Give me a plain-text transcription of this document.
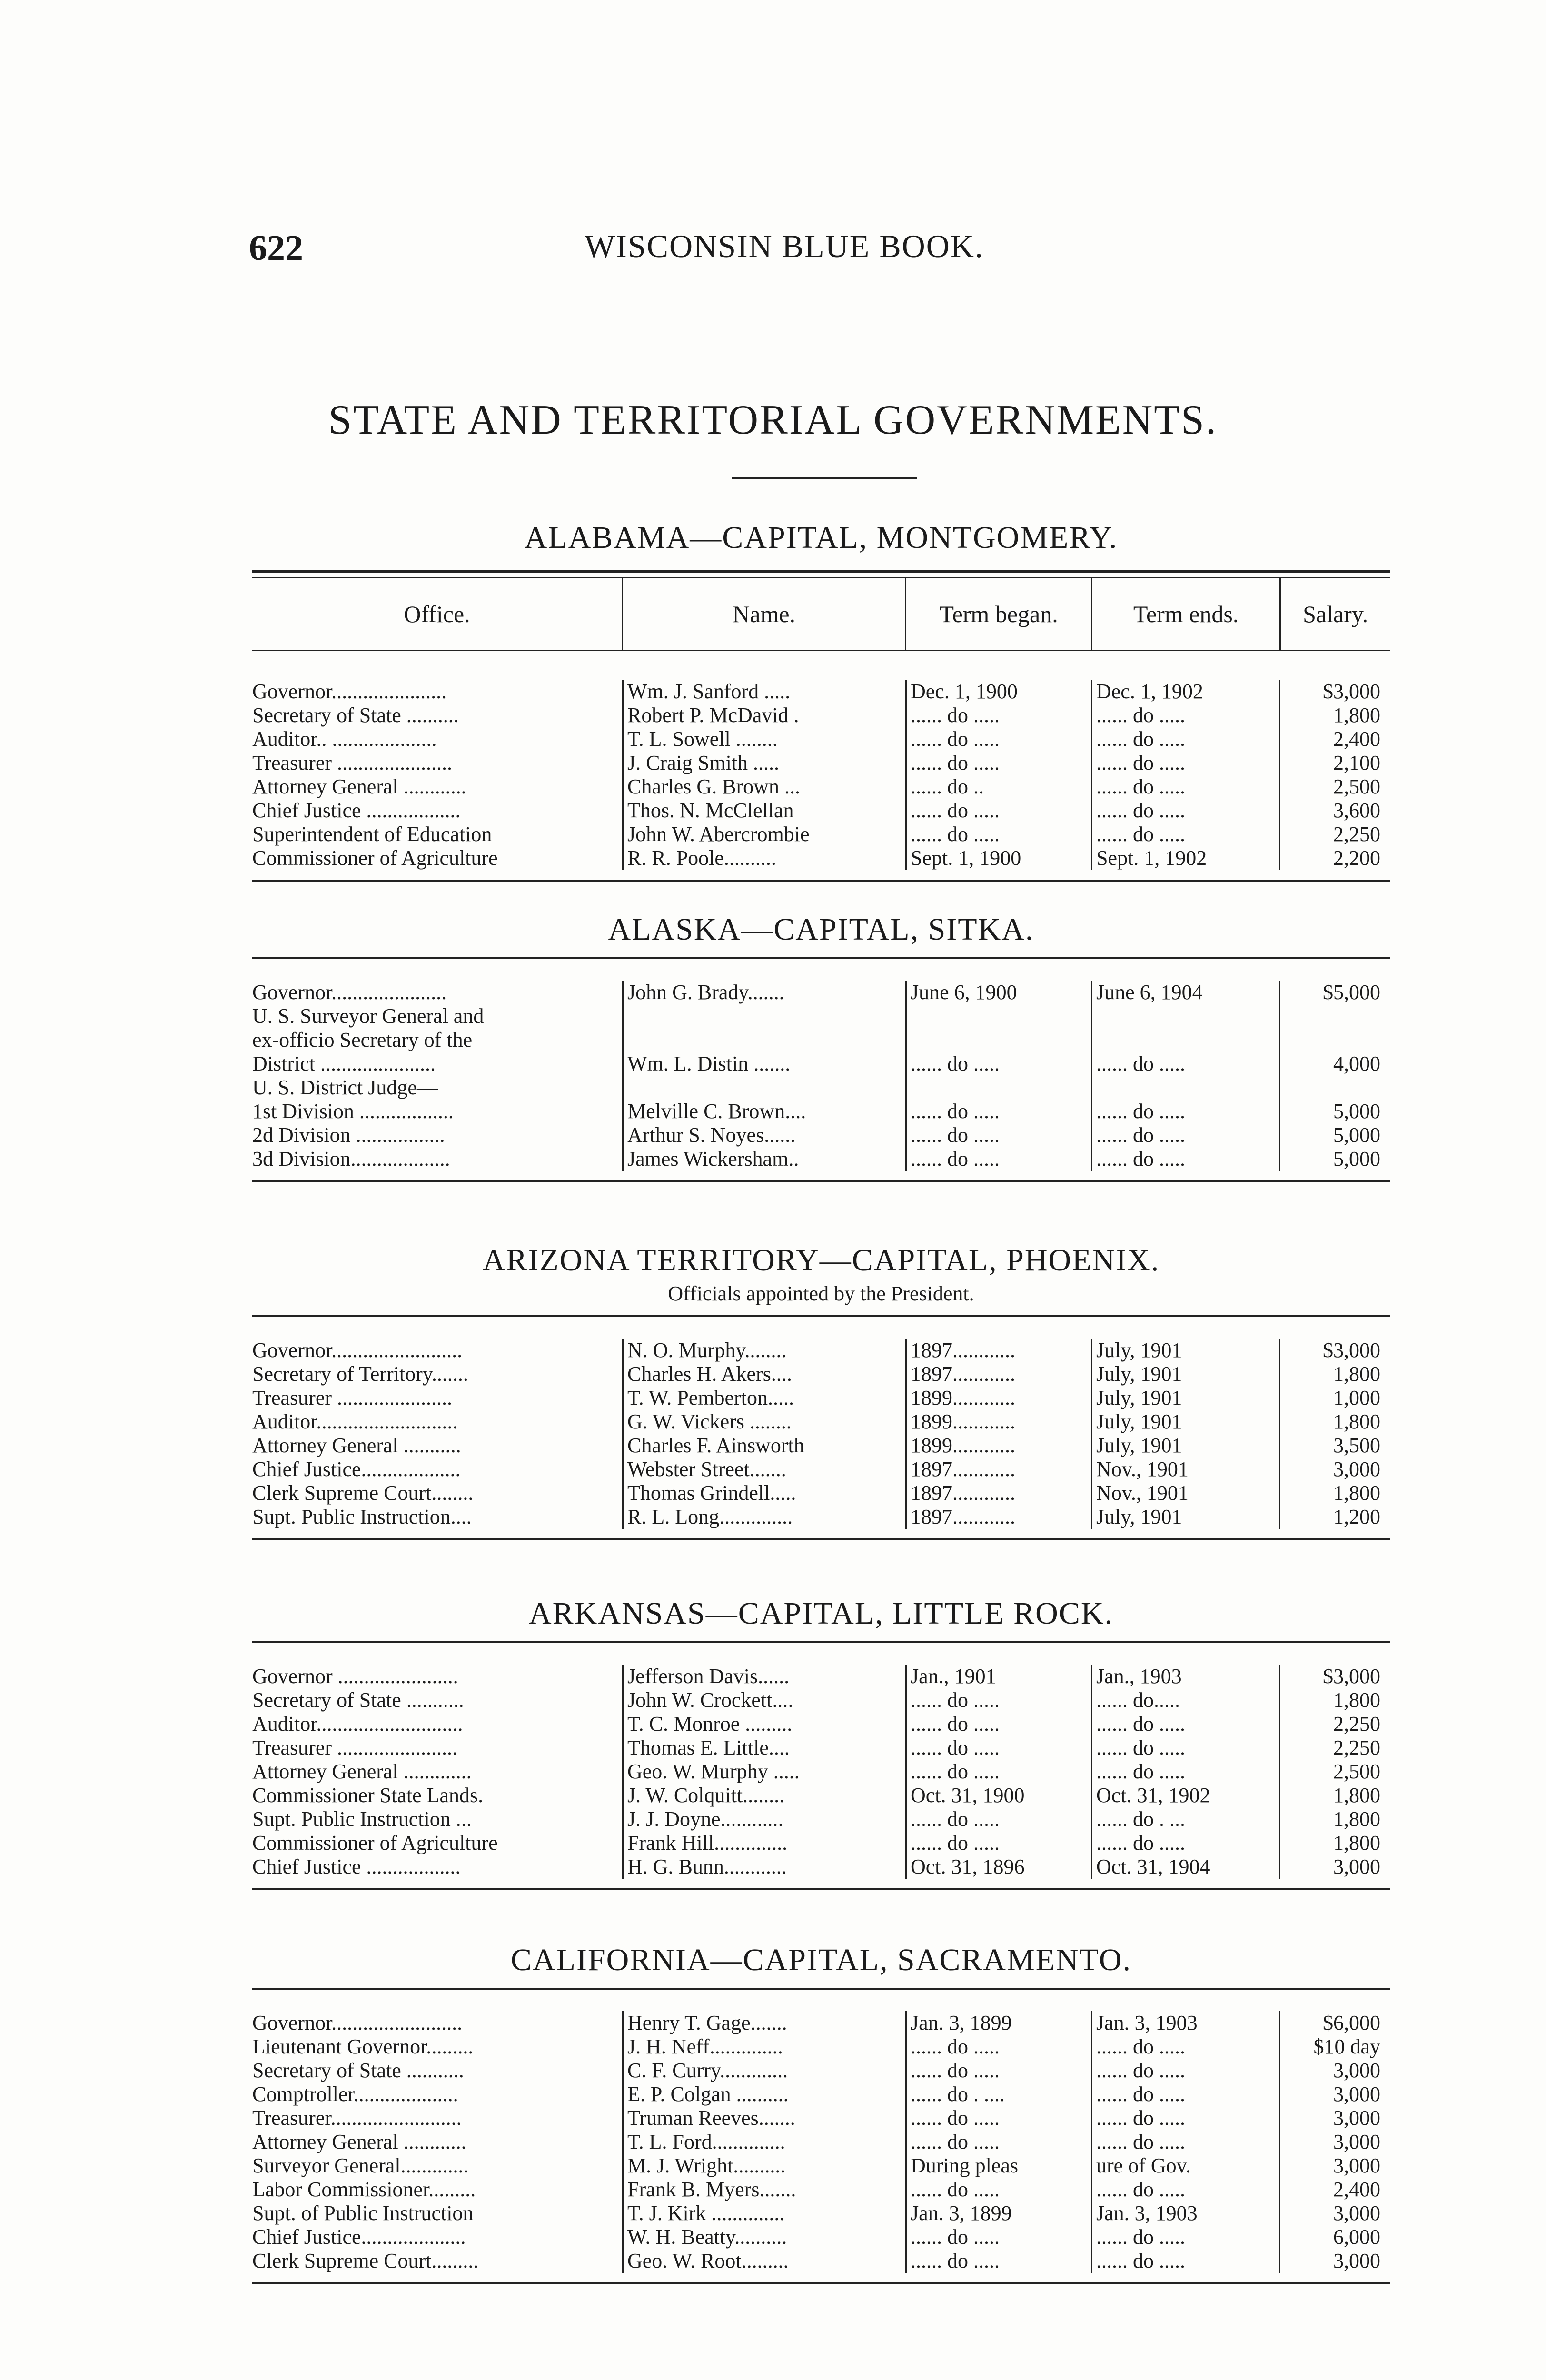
622	WISCONSIN BLUE BOOK.
STATE AND TERRITORIAL GOVERNMENTS.
ALABAMA—CAPITAL, MONTGOMERY.
Office.	Name.	Term began.	Term ends.	Salary.
Governor......................	Wm. J. Sanford .....	Dec. 1, 1900	Dec. 1, 1902	$3,000
Secretary of State ..........	Robert P. McDavid .	...... do .....	...... do .....	1,800
Auditor.. ....................	T. L. Sowell ........	...... do .....	...... do .....	2,400
Treasurer ......................	J. Craig Smith .....	...... do .....	...... do .....	2,100
Attorney General ............	Charles G. Brown ...	...... do ..	...... do .....	2,500
Chief Justice ..................	Thos. N. McClellan	...... do .....	...... do .....	3,600
Superintendent of Education	John W. Abercrombie	...... do .....	...... do .....	2,250
Commissioner of Agriculture	R. R. Poole..........	Sept. 1, 1900	Sept. 1, 1902	2,200
ALASKA—CAPITAL, SITKA.
Governor......................	John G. Brady.......	June 6, 1900	June 6, 1904	$5,000
U. S. Surveyor General and
ex-officio Secretary of the
District ......................	Wm. L. Distin .......	...... do .....	...... do .....	4,000
U. S. District Judge—
1st Division ..................	Melville C. Brown....	...... do .....	...... do .....	5,000
2d Division .................	Arthur S. Noyes......	...... do .....	...... do .....	5,000
3d Division...................	James Wickersham..	...... do .....	...... do .....	5,000
ARIZONA TERRITORY—CAPITAL, PHOENIX.
Officials appointed by the President.
Governor.........................	N. O. Murphy........	1897............	July, 1901	$3,000
Secretary of Territory.......	Charles H. Akers....	1897............	July, 1901	1,800
Treasurer ......................	T. W. Pemberton.....	1899............	July, 1901	1,000
Auditor...........................	G. W. Vickers ........	1899............	July, 1901	1,800
Attorney General ...........	Charles F. Ainsworth	1899............	July, 1901	3,500
Chief Justice...................	Webster Street.......	1897............	Nov., 1901	3,000
Clerk Supreme Court........	Thomas Grindell.....	1897............	Nov., 1901	1,800
Supt. Public Instruction....	R. L. Long..............	1897............	July, 1901	1,200
ARKANSAS—CAPITAL, LITTLE ROCK.
Governor .......................	Jefferson Davis......	Jan., 1901	Jan., 1903	$3,000
Secretary of State ...........	John W. Crockett....	...... do .....	...... do.....	1,800
Auditor............................	T. C. Monroe .........	...... do .....	...... do .....	2,250
Treasurer .......................	Thomas E. Little....	...... do .....	...... do .....	2,250
Attorney General .............	Geo. W. Murphy .....	...... do .....	...... do .....	2,500
Commissioner State Lands.	J. W. Colquitt........	Oct. 31, 1900	Oct. 31, 1902	1,800
Supt. Public Instruction ...	J. J. Doyne............	...... do .....	...... do . ...	1,800
Commissioner of Agriculture	Frank Hill..............	...... do .....	...... do .....	1,800
Chief Justice ..................	H. G. Bunn............	Oct. 31, 1896	Oct. 31, 1904	3,000
CALIFORNIA—CAPITAL, SACRAMENTO.
Governor.........................	Henry T. Gage.......	Jan. 3, 1899	Jan. 3, 1903	$6,000
Lieutenant Governor.........	J. H. Neff..............	...... do .....	...... do .....	$10 day
Secretary of State ...........	C. F. Curry.............	...... do .....	...... do .....	3,000
Comptroller....................	E. P. Colgan ..........	...... do . ....	...... do .....	3,000
Treasurer.........................	Truman Reeves.......	...... do .....	...... do .....	3,000
Attorney General ............	T. L. Ford..............	...... do .....	...... do .....	3,000
Surveyor General.............	M. J. Wright..........	During pleas	ure of Gov.	3,000
Labor Commissioner.........	Frank B. Myers.......	...... do .....	...... do .....	2,400
Supt. of Public Instruction	T. J. Kirk ..............	Jan. 3, 1899	Jan. 3, 1903	3,000
Chief Justice....................	W. H. Beatty..........	...... do .....	...... do .....	6,000
Clerk Supreme Court.........	Geo. W. Root.........	...... do .....	...... do .....	3,000
